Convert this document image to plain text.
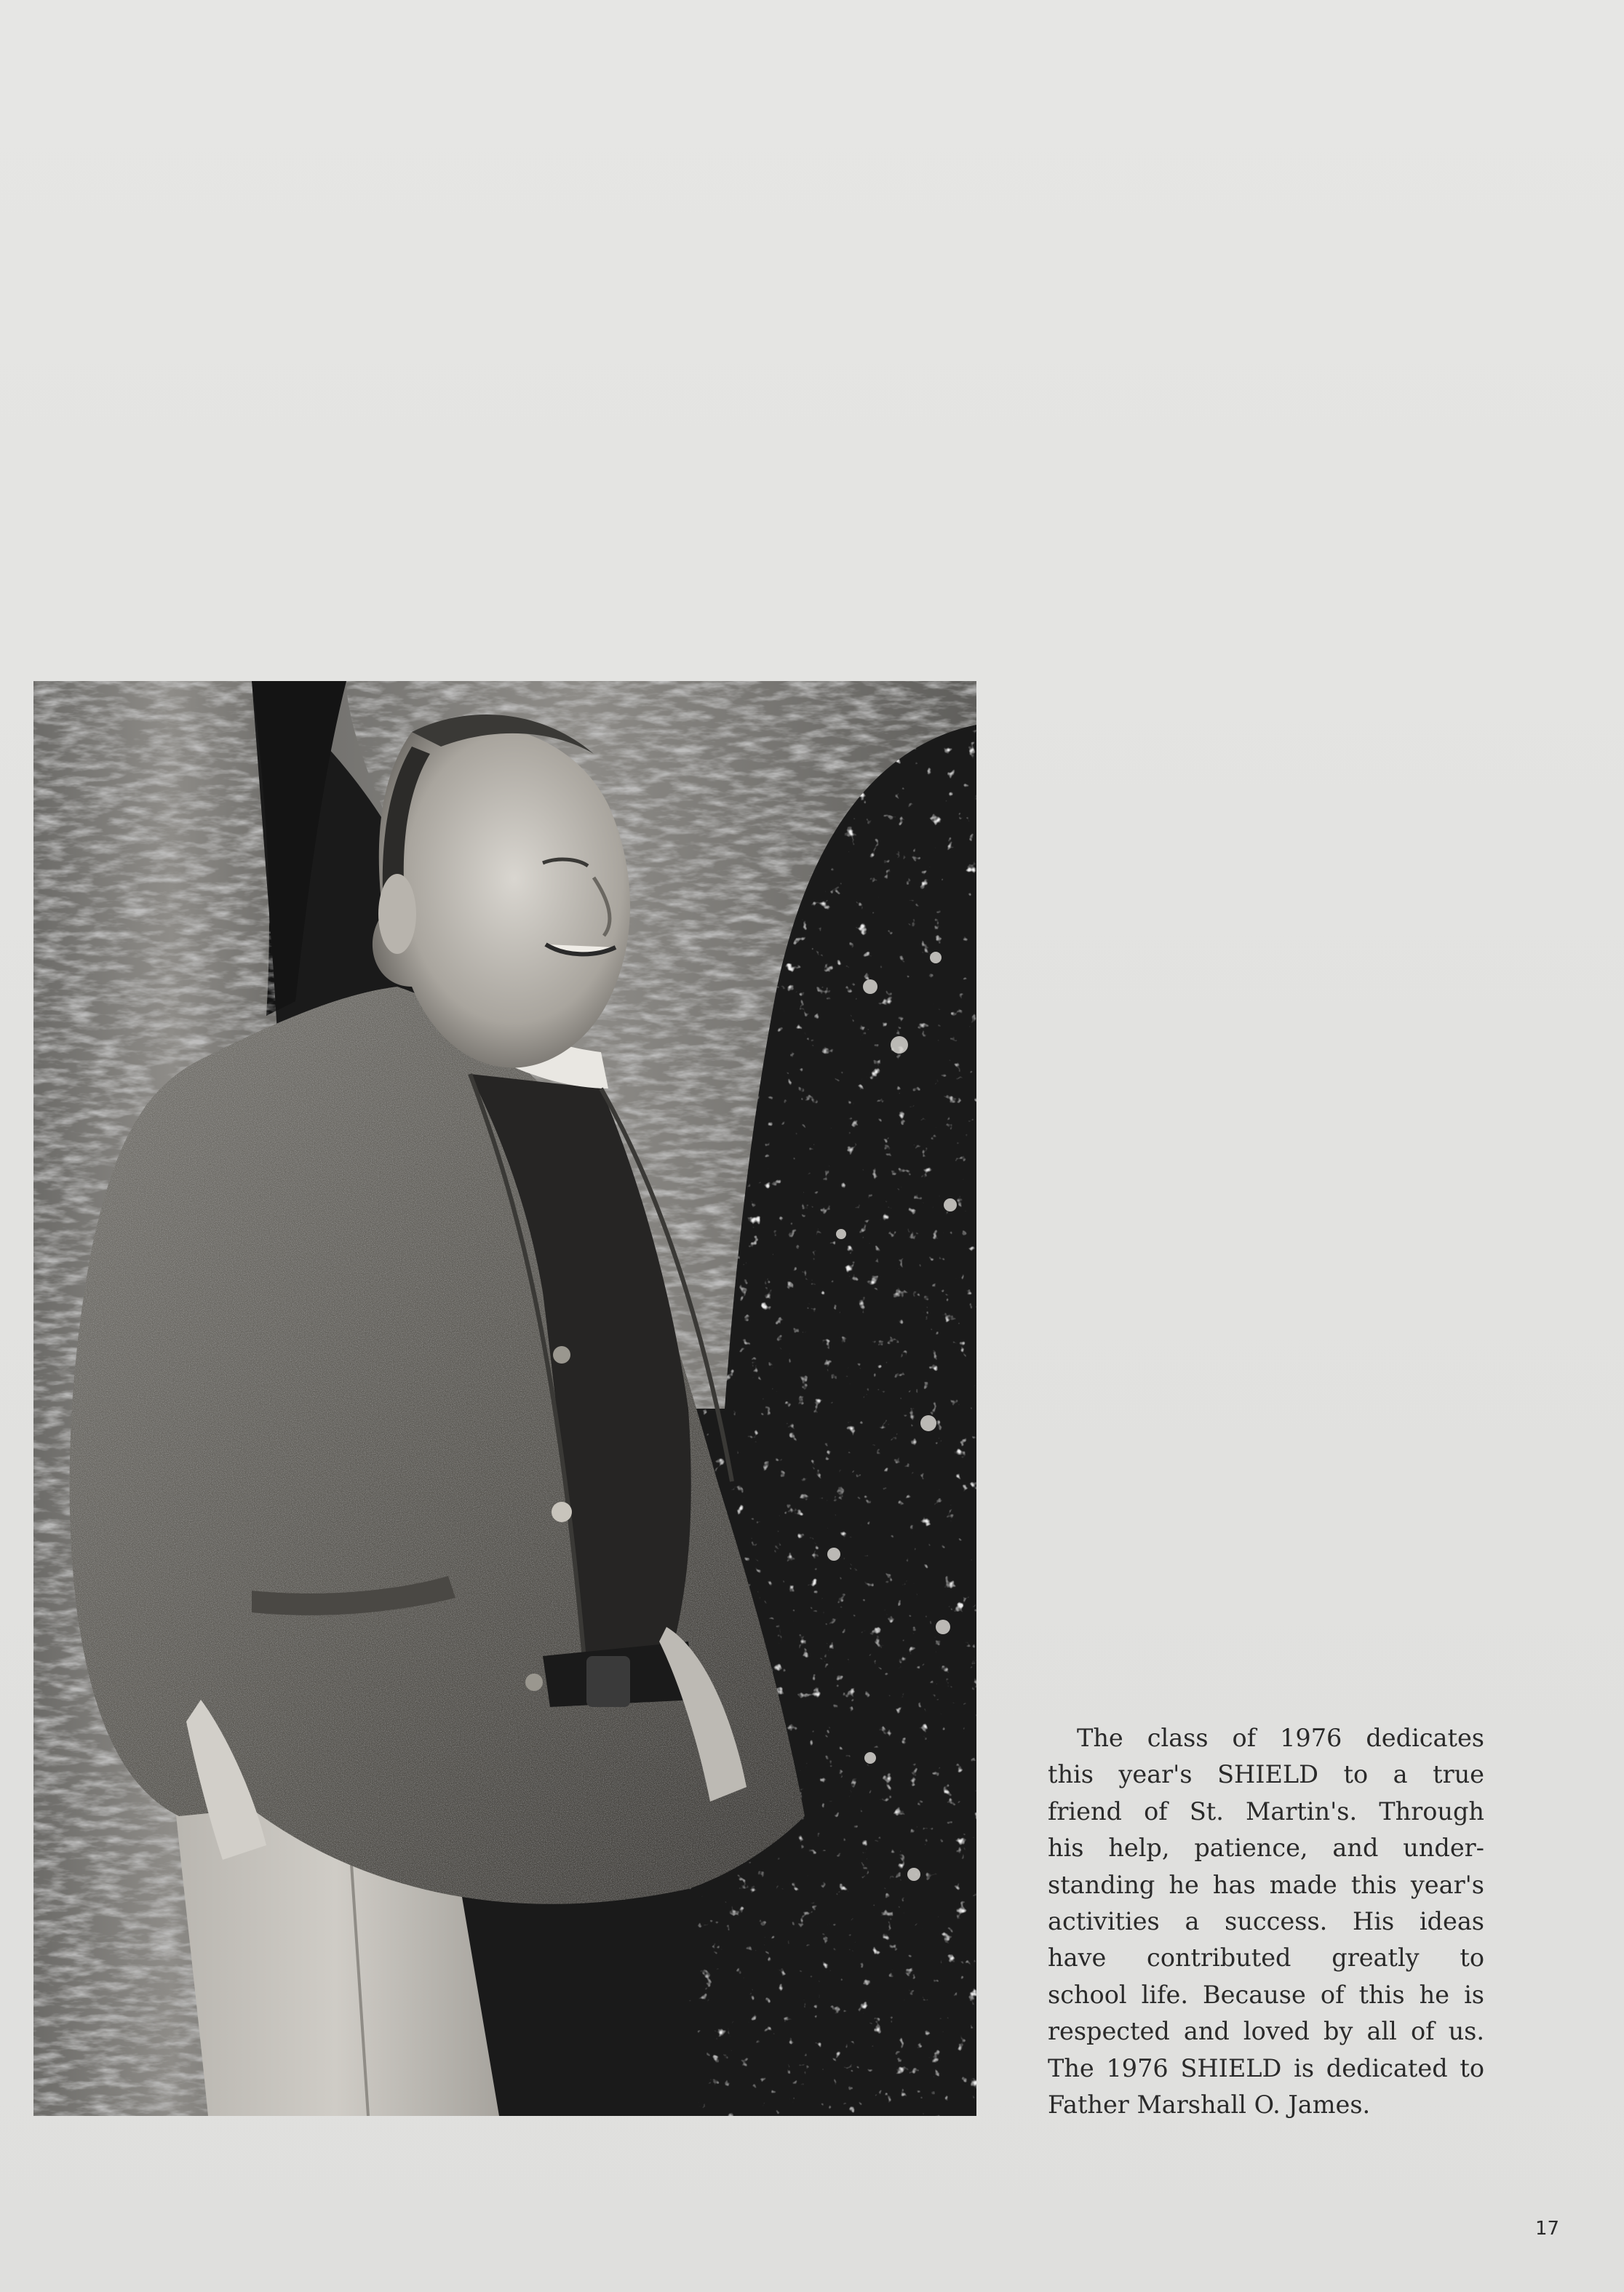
The class of 1976 dedicates
this year's SHIELD to a true
friend of St. Martin's. Through
his help, patience, and under-
standing he has made this year's
activities a success. His ideas
have contributed greatly to
school life. Because of this he is
respected and loved by all of us.
The 1976 SHIELD is dedicated to
Father Marshall O. James.
17
